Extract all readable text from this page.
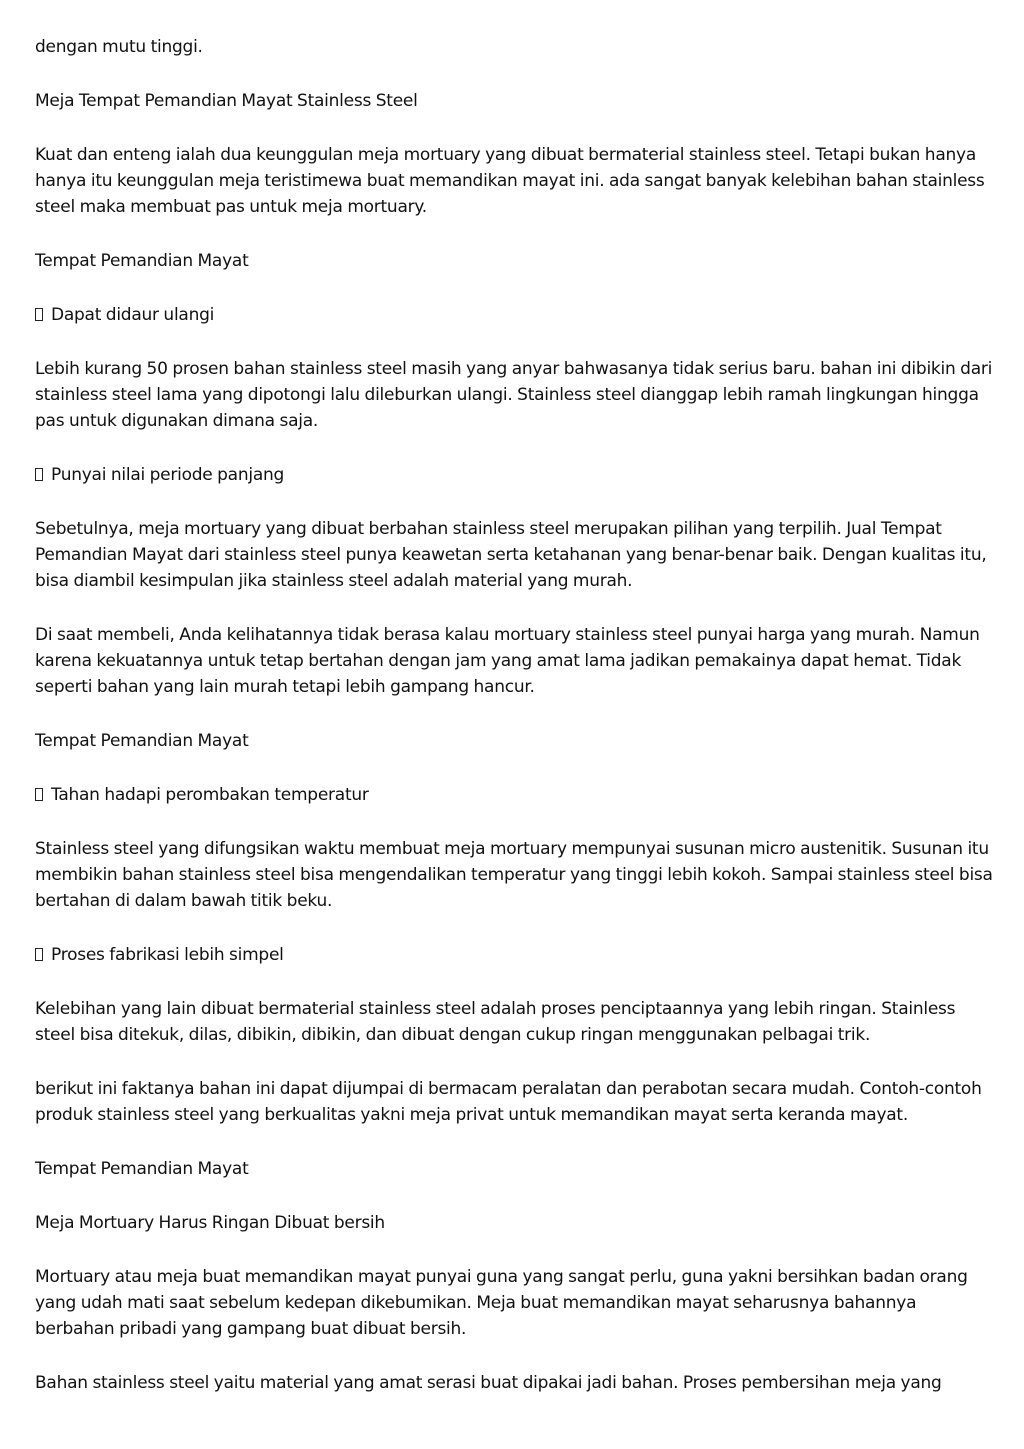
dengan mutu tinggi.

Meja Tempat Pemandian Mayat Stainless Steel

Kuat dan enteng ialah dua keunggulan meja mortuary yang dibuat bermaterial stainless steel. Tetapi bukan hanya hanya itu keunggulan meja teristimewa buat memandikan mayat ini. ada sangat banyak kelebihan bahan stainless steel maka membuat pas untuk meja mortuary.

Tempat Pemandian Mayat

Dapat didaur ulangi

Lebih kurang 50 prosen bahan stainless steel masih yang anyar bahwasanya tidak serius baru. bahan ini dibikin dari stainless steel lama yang dipotongi lalu dileburkan ulangi. Stainless steel dianggap lebih ramah lingkungan hingga pas untuk digunakan dimana saja.

Punyai nilai periode panjang

Sebetulnya, meja mortuary yang dibuat berbahan stainless steel merupakan pilihan yang terpilih. Jual Tempat Pemandian Mayat dari stainless steel punya keawetan serta ketahanan yang benar-benar baik. Dengan kualitas itu, bisa diambil kesimpulan jika stainless steel adalah material yang murah.

Di saat membeli, Anda kelihatannya tidak berasa kalau mortuary stainless steel punyai harga yang murah. Namun karena kekuatannya untuk tetap bertahan dengan jam yang amat lama jadikan pemakainya dapat hemat. Tidak seperti bahan yang lain murah tetapi lebih gampang hancur.

Tempat Pemandian Mayat

Tahan hadapi perombakan temperatur

Stainless steel yang difungsikan waktu membuat meja mortuary mempunyai susunan micro austenitik. Susunan itu membikin bahan stainless steel bisa mengendalikan temperatur yang tinggi lebih kokoh. Sampai stainless steel bisa bertahan di dalam bawah titik beku.

Proses fabrikasi lebih simpel

Kelebihan yang lain dibuat bermaterial stainless steel adalah proses penciptaannya yang lebih ringan. Stainless steel bisa ditekuk, dilas, dibikin, dibikin, dan dibuat dengan cukup ringan menggunakan pelbagai trik.

berikut ini faktanya bahan ini dapat dijumpai di bermacam peralatan dan perabotan secara mudah. Contoh-contoh produk stainless steel yang berkualitas yakni meja privat untuk memandikan mayat serta keranda mayat.

Tempat Pemandian Mayat

Meja Mortuary Harus Ringan Dibuat bersih

Mortuary atau meja buat memandikan mayat punyai guna yang sangat perlu, guna yakni bersihkan badan orang yang udah mati saat sebelum kedepan dikebumikan. Meja buat memandikan mayat seharusnya bahannya berbahan pribadi yang gampang buat dibuat bersih.

Bahan stainless steel yaitu material yang amat serasi buat dipakai jadi bahan. Proses pembersihan meja yang
